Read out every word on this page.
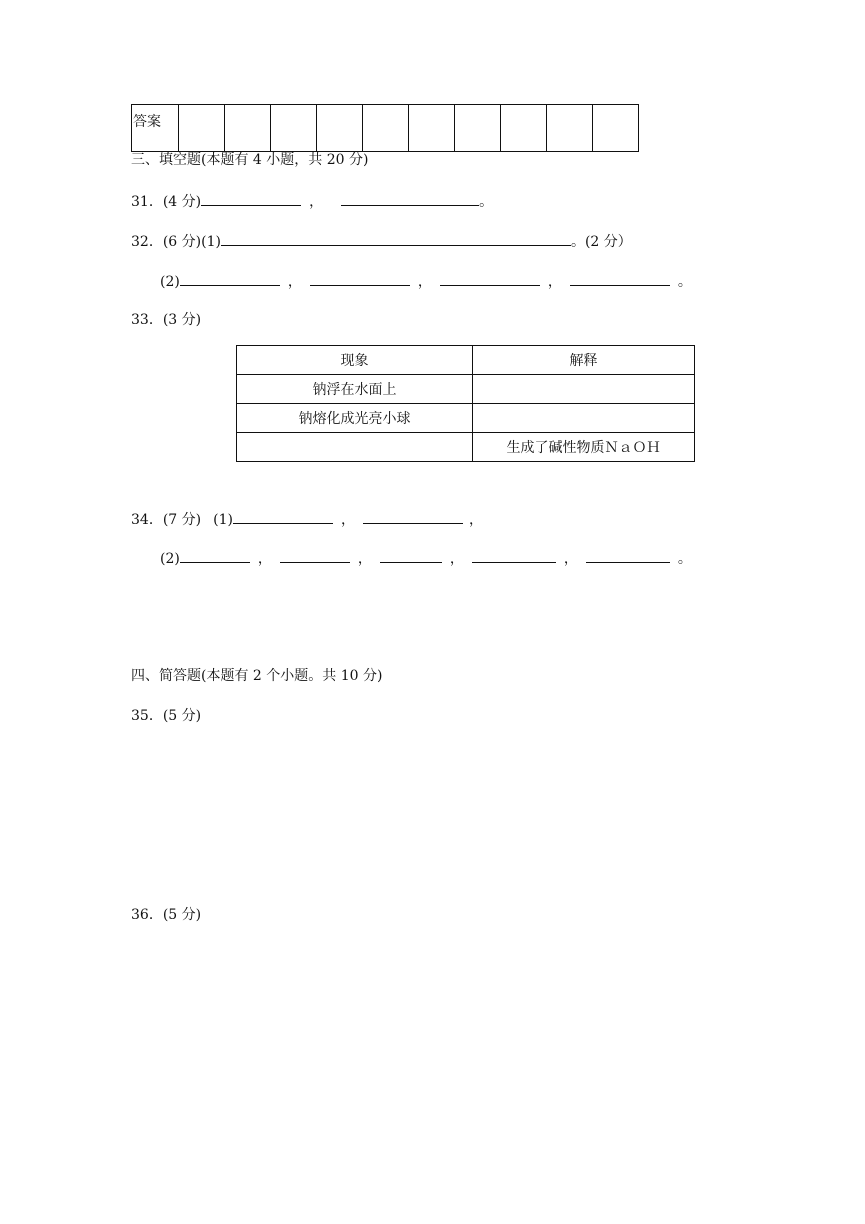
答案										
三、填空题(本题有 4 小题，共 20 分)
31．(4 分)	，	。
32．(6 分)(1)	。(2 分）
(2)	，	，	，	。
33．(3 分)
现象	解释
钠浮在水面上	
钠熔化成光亮小球	
	生成了碱性物质ＮａＯＨ
34．(7 分) (1)	，	，
(2)	，	，	，	，	。
四、简答题(本题有 2 个小题。共 10 分)
35．(5 分)
36．(5 分)
